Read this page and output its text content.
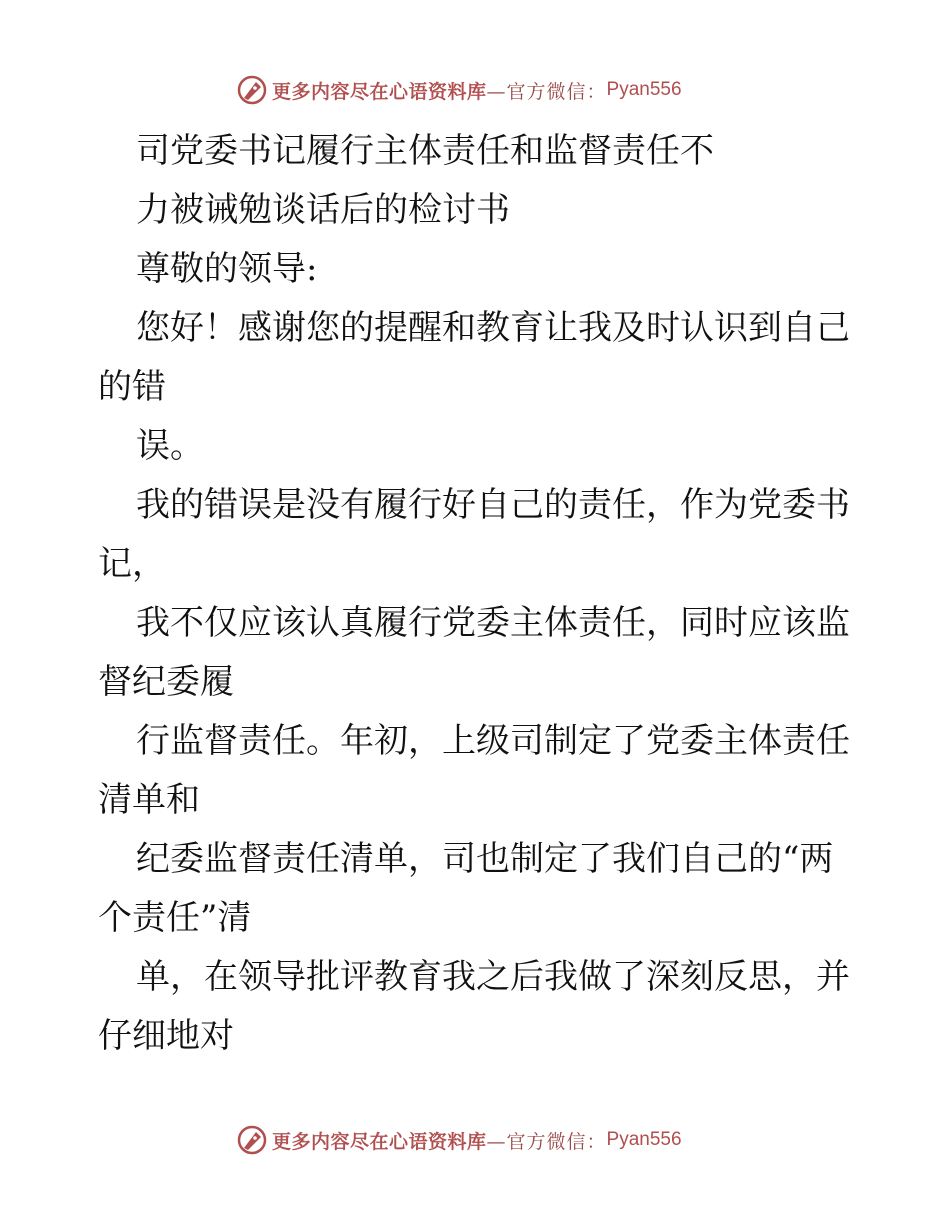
更多内容尽在心语资料库 —官方微信： Pyan556
司党委书记履行主体责任和监督责任不
力被诫勉谈话后的检讨书
尊敬的领导:
您好！感谢您的提醒和教育让我及时认识到自己
的错
误。
我的错误是没有履行好自己的责任，作为党委书
记，
我不仅应该认真履行党委主体责任，同时应该监
督纪委履
行监督责任。年初，上级司制定了党委主体责任
清单和
纪委监督责任清单，司也制定了我们自己的“两
个责任”清
单，在领导批评教育我之后我做了深刻反思，并
仔细地对
更多内容尽在心语资料库 —官方微信： Pyan556
